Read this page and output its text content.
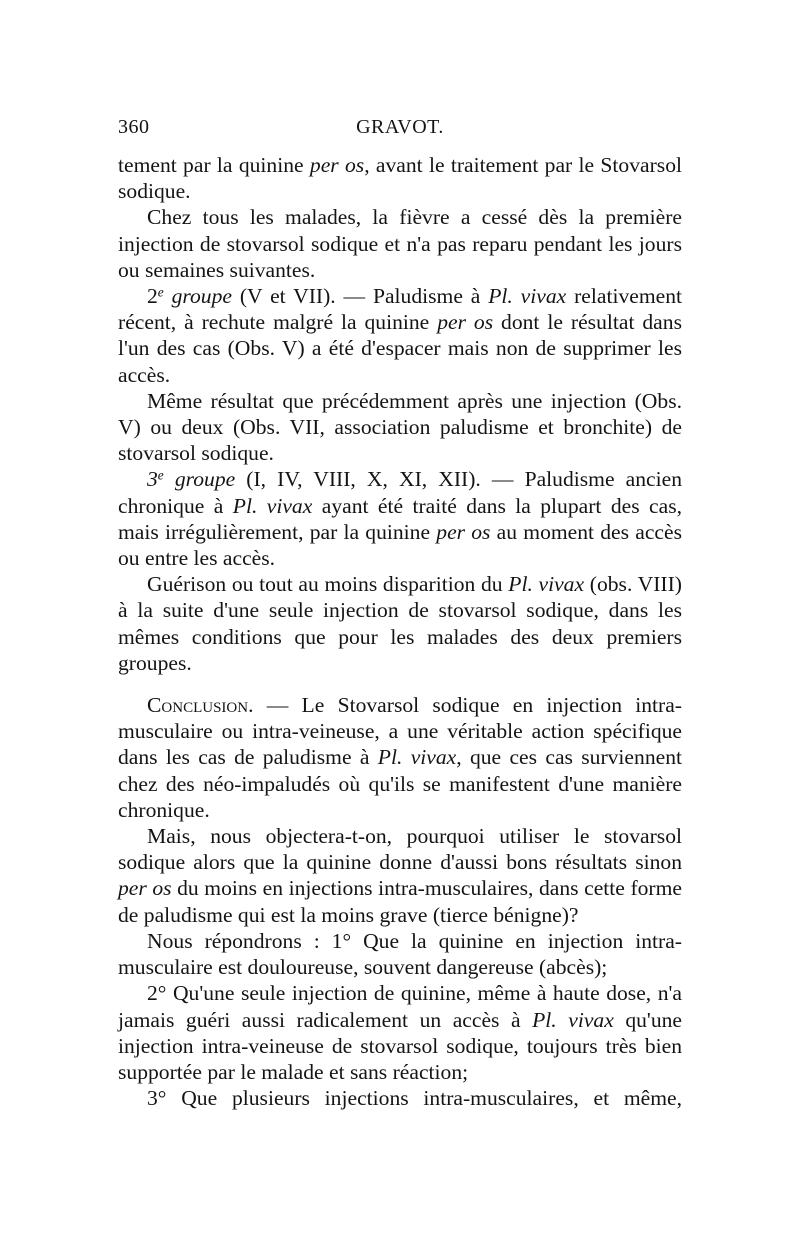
360	GRAVOT.

tement par la quinine per os, avant le traitement par le Stovarsol sodique.

Chez tous les malades, la fièvre a cessé dès la première injection de stovarsol sodique et n'a pas reparu pendant les jours ou semaines suivantes.

2e groupe (V et VII). — Paludisme à Pl. vivax relativement récent, à rechute malgré la quinine per os dont le résultat dans l'un des cas (Obs. V) a été d'espacer mais non de supprimer les accès.

Même résultat que précédemment après une injection (Obs. V) ou deux (Obs. VII, association paludisme et bronchite) de stovarsol sodique.

3e groupe (I, IV, VIII, X, XI, XII). — Paludisme ancien chronique à Pl. vivax ayant été traité dans la plupart des cas, mais irrégulièrement, par la quinine per os au moment des accès ou entre les accès.

Guérison ou tout au moins disparition du Pl. vivax (obs. VIII) à la suite d'une seule injection de stovarsol sodique, dans les mêmes conditions que pour les malades des deux premiers groupes.

Conclusion. — Le Stovarsol sodique en injection intra-musculaire ou intra-veineuse, a une véritable action spécifique dans les cas de paludisme à Pl. vivax, que ces cas surviennent chez des néo-impaludés où qu'ils se manifestent d'une manière chronique.

Mais, nous objectera-t-on, pourquoi utiliser le stovarsol sodique alors que la quinine donne d'aussi bons résultats sinon per os du moins en injections intra-musculaires, dans cette forme de paludisme qui est la moins grave (tierce bénigne)?

Nous répondrons : 1° Que la quinine en injection intra-musculaire est douloureuse, souvent dangereuse (abcès);

2° Qu'une seule injection de quinine, même à haute dose, n'a jamais guéri aussi radicalement un accès à Pl. vivax qu'une injection intra-veineuse de stovarsol sodique, toujours très bien supportée par le malade et sans réaction;

3° Que plusieurs injections intra-musculaires, et même,
